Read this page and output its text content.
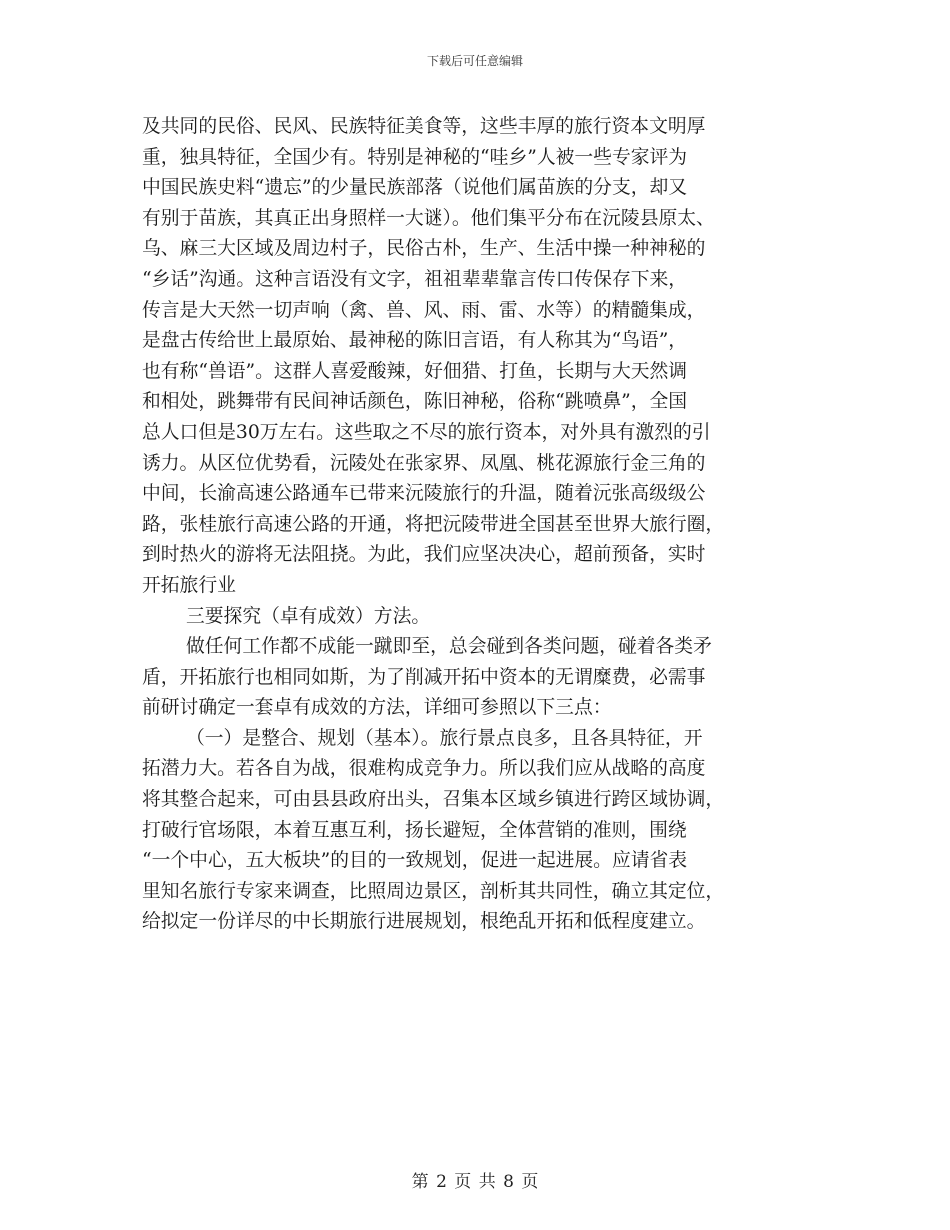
下载后可任意编辑
及共同的民俗、民风、民族特征美食等，这些丰厚的旅行资本文明厚
重，独具特征，全国少有。特别是神秘的“哇乡”人被一些专家评为
中国民族史料“遗忘”的少量民族部落（说他们属苗族的分支，却又
有别于苗族，其真正出身照样一大谜）。他们集平分布在沅陵县原太、
乌、麻三大区域及周边村子，民俗古朴，生产、生活中操一种神秘的
“乡话”沟通。这种言语没有文字，祖祖辈辈靠言传口传保存下来，
传言是大天然一切声响（禽、兽、风、雨、雷、水等）的精髓集成，
是盘古传给世上最原始、最神秘的陈旧言语，有人称其为“鸟语”，
也有称“兽语”。这群人喜爱酸辣，好佃猎、打鱼，长期与大天然调
和相处，跳舞带有民间神话颜色，陈旧神秘，俗称“跳喷鼻”，全国
总人口但是30万左右。这些取之不尽的旅行资本，对外具有激烈的引
诱力。从区位优势看，沅陵处在张家界、凤凰、桃花源旅行金三角的
中间，长渝高速公路通车已带来沅陵旅行的升温，随着沅张高级级公
路，张桂旅行高速公路的开通，将把沅陵带进全国甚至世界大旅行圈，
到时热火的游将无法阻挠。为此，我们应坚决决心，超前预备，实时
开拓旅行业
三要探究（卓有成效）方法。
做任何工作都不成能一蹴即至，总会碰到各类问题，碰着各类矛
盾，开拓旅行也相同如斯，为了削减开拓中资本的无谓糜费，必需事
前研讨确定一套卓有成效的方法，详细可参照以下三点：
（一）是整合、规划（基本）。旅行景点良多，且各具特征，开
拓潜力大。若各自为战，很难构成竞争力。所以我们应从战略的高度
将其整合起来，可由县县政府出头，召集本区域乡镇进行跨区域协调，
打破行官场限，本着互惠互利，扬长避短，全体营销的准则，围绕
“一个中心，五大板块”的目的一致规划，促进一起进展。应请省表
里知名旅行专家来调查，比照周边景区，剖析其共同性，确立其定位，
给拟定一份详尽的中长期旅行进展规划，根绝乱开拓和低程度建立。
第 2 页 共 8 页
